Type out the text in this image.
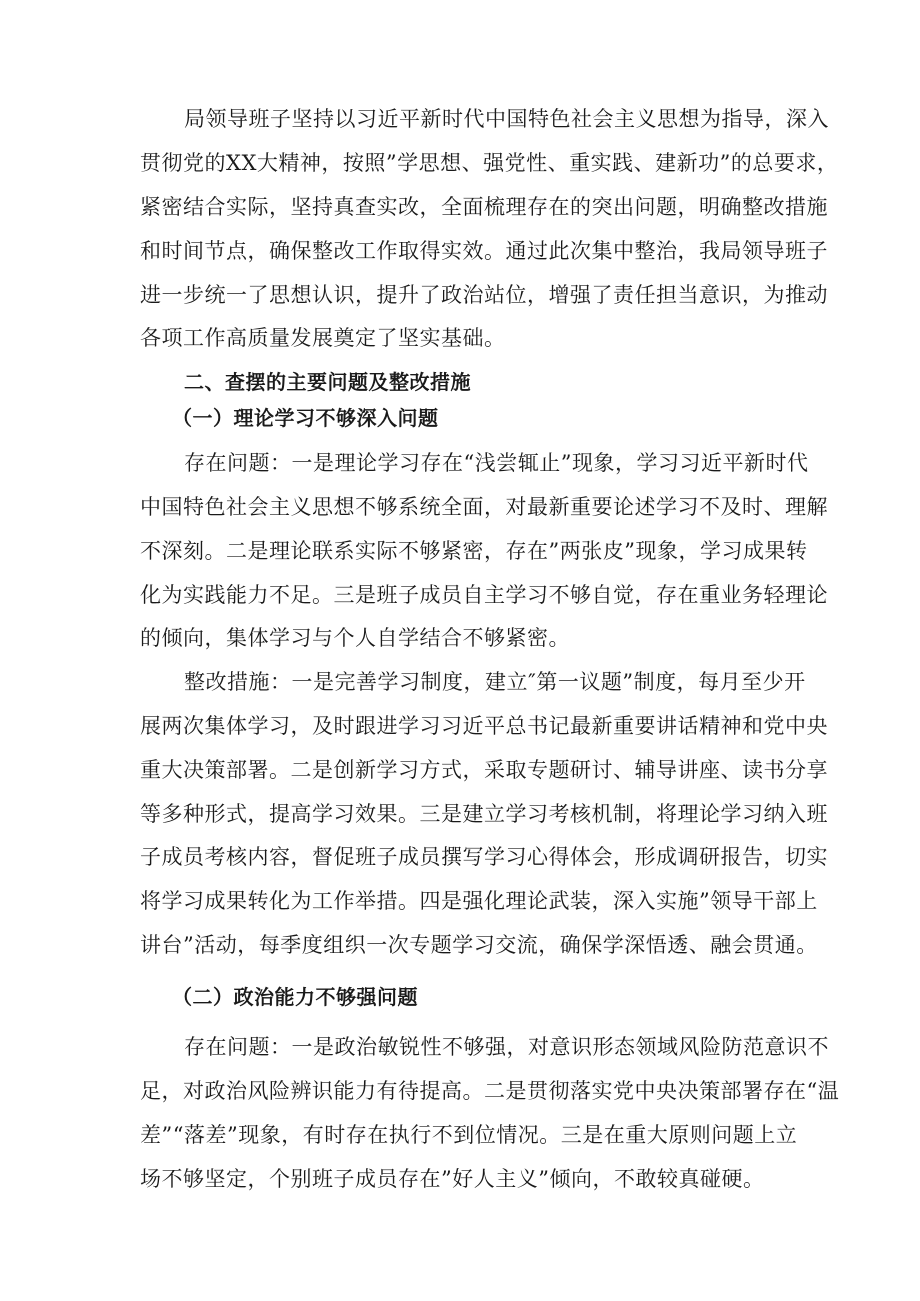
局领导班子坚持以习近平新时代中国特色社会主义思想为指导，深入
贯彻党的XX大精神，按照”学思想、强党性、重实践、建新功”的总要求，
紧密结合实际，坚持真查实改，全面梳理存在的突出问题，明确整改措施
和时间节点，确保整改工作取得实效。通过此次集中整治，我局领导班子
进一步统一了思想认识，提升了政治站位，增强了责任担当意识，为推动
各项工作高质量发展奠定了坚实基础。
二、查摆的主要问题及整改措施
（一）理论学习不够深入问题
存在问题：一是理论学习存在“浅尝辄止”现象，学习习近平新时代
中国特色社会主义思想不够系统全面，对最新重要论述学习不及时、理解
不深刻。二是理论联系实际不够紧密，存在”两张皮”现象，学习成果转
化为实践能力不足。三是班子成员自主学习不够自觉，存在重业务轻理论
的倾向，集体学习与个人自学结合不够紧密。
整改措施：一是完善学习制度，建立″第一议题”制度，每月至少开
展两次集体学习，及时跟进学习习近平总书记最新重要讲话精神和党中央
重大决策部署。二是创新学习方式，采取专题研讨、辅导讲座、读书分享
等多种形式，提高学习效果。三是建立学习考核机制，将理论学习纳入班
子成员考核内容，督促班子成员撰写学习心得体会，形成调研报告，切实
将学习成果转化为工作举措。四是强化理论武装，深入实施”领导干部上
讲台”活动，每季度组织一次专题学习交流，确保学深悟透、融会贯通。
（二）政治能力不够强问题
存在问题：一是政治敏锐性不够强，对意识形态领域风险防范意识不
足，对政治风险辨识能力有待提高。二是贯彻落实党中央决策部署存在“温
差”“落差”现象，有时存在执行不到位情况。三是在重大原则问题上立
场不够坚定，个别班子成员存在”好人主义”倾向，不敢较真碰硬。
